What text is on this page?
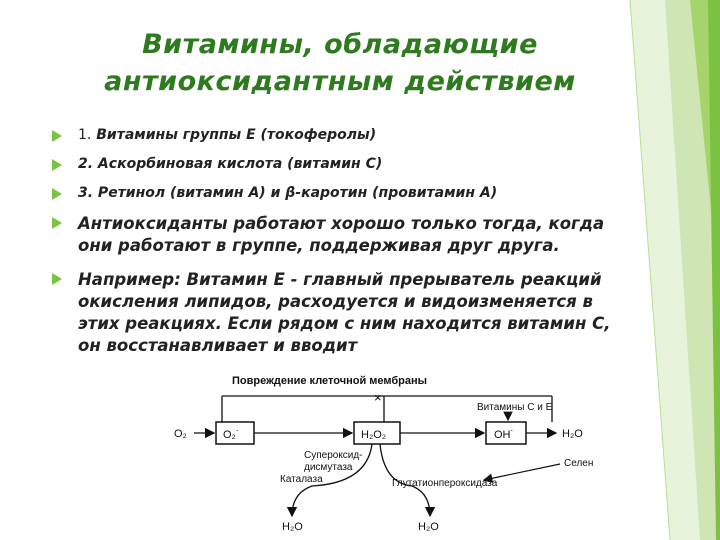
Витамины, обладающие
антиоксидантным действием
1. Витамины группы Е (токоферолы)
2. Аскорбиновая кислота (витамин С)
3. Ретинол (витамин А) и β-каротин (провитамин А)
Антиоксиданты работают хорошо только тогда, когда они работают в группе, поддерживая друг друга.
Например: Витамин Е - главный прерыватель реакций окисления липидов, расходуется и видоизменяется в этих реакциях. Если рядом с ним находится витамин С, он восстанавливает и вводит
Повреждение клеточной мембраны
×
O₂	O₂˙
Супероксид-
дисмутаза
H₂O₂	OH˙	H₂O
Витамины С и Е
Селен
Каталаза	Глутатионпероксидаза
H₂O	H₂O
